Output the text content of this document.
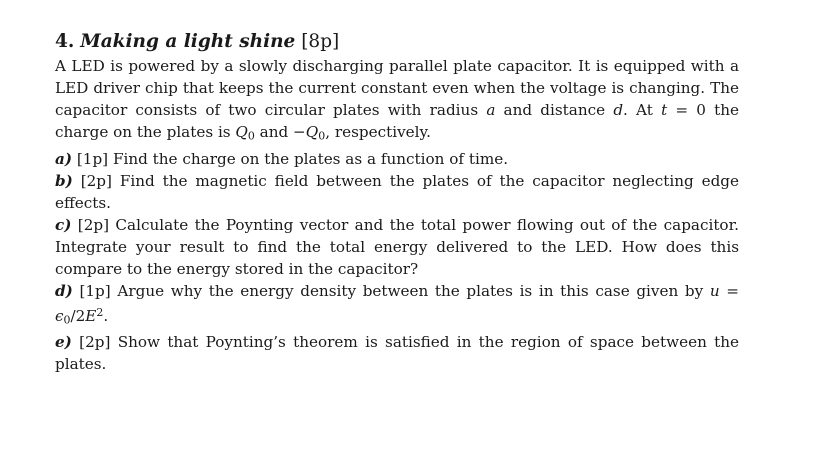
4. Making a light shine [8p]

A LED is powered by a slowly discharging parallel plate capacitor. It is equipped with a LED driver chip that keeps the current constant even when the voltage is changing. The capacitor consists of two circular plates with radius a and distance d. At t = 0 the charge on the plates is Q0 and −Q0, respectively.

a) [1p] Find the charge on the plates as a function of time.

b) [2p] Find the magnetic field between the plates of the capacitor neglecting edge effects.

c) [2p] Calculate the Poynting vector and the total power flowing out of the capacitor. Integrate your result to find the total energy delivered to the LED. How does this compare to the energy stored in the capacitor?

d) [1p] Argue why the energy density between the plates is in this case given by $u = \epsilon 0/2E^2$.

e) [2p] Show that Poynting’s theorem is satisfied in the region of space between the plates.
